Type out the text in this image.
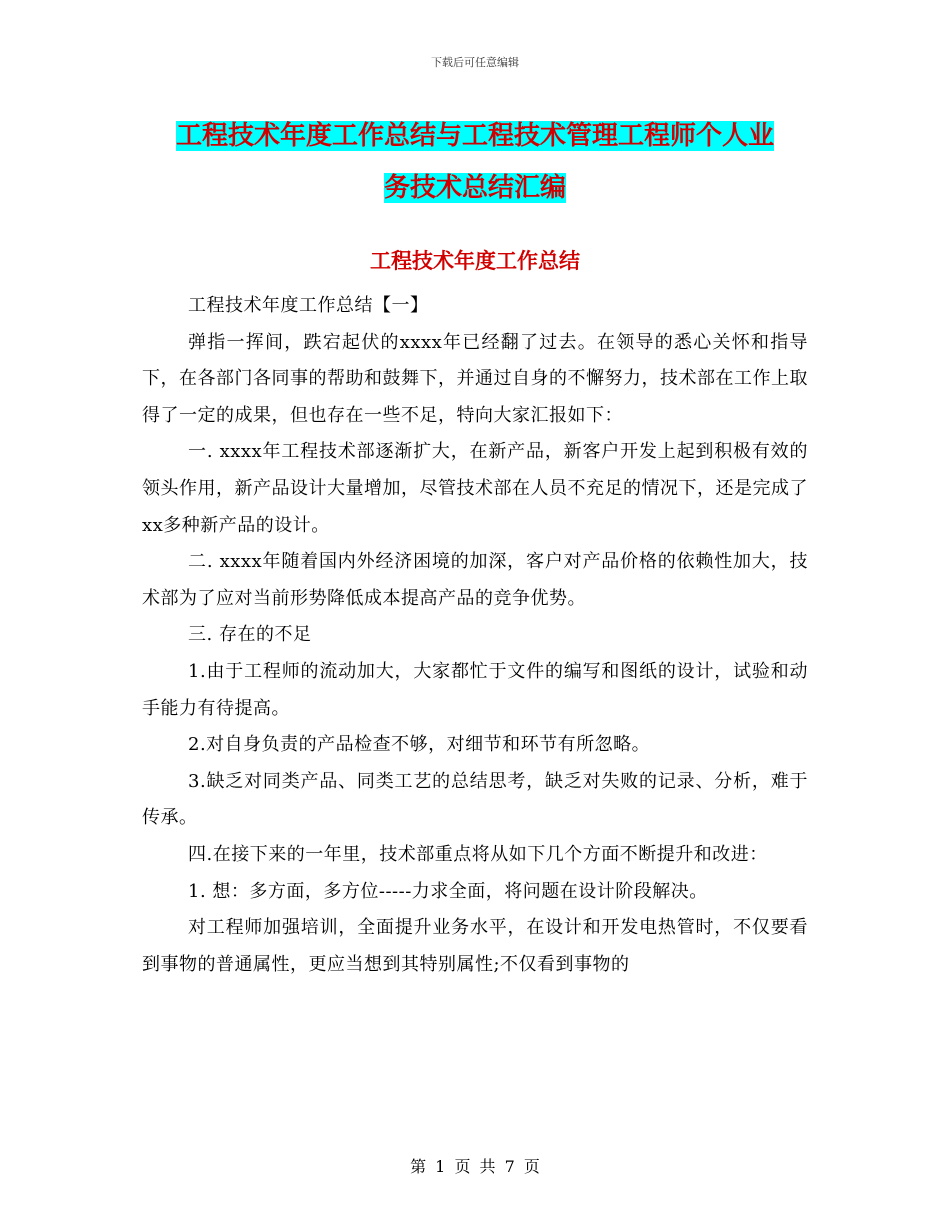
下载后可任意编辑
工程技术年度工作总结与工程技术管理工程师个人业
务技术总结汇编
工程技术年度工作总结

工程技术年度工作总结【一】

弹指一挥间，跌宕起伏的xxxx年已经翻了过去。在领导的悉心关怀和指导下，在各部门各同事的帮助和鼓舞下，并通过自身的不懈努力，技术部在工作上取得了一定的成果，但也存在一些不足，特向大家汇报如下：

一. xxxx年工程技术部逐渐扩大，在新产品，新客户开发上起到积极有效的领头作用，新产品设计大量增加，尽管技术部在人员不充足的情况下，还是完成了xx多种新产品的设计。

二. xxxx年随着国内外经济困境的加深，客户对产品价格的依赖性加大，技术部为了应对当前形势降低成本提高产品的竞争优势。

三. 存在的不足

1.由于工程师的流动加大，大家都忙于文件的编写和图纸的设计，试验和动手能力有待提高。

2.对自身负责的产品检查不够，对细节和环节有所忽略。

3.缺乏对同类产品、同类工艺的总结思考，缺乏对失败的记录、分析，难于传承。

四.在接下来的一年里，技术部重点将从如下几个方面不断提升和改进：

1. 想：多方面，多方位-----力求全面，将问题在设计阶段解决。

对工程师加强培训，全面提升业务水平，在设计和开发电热管时，不仅要看到事物的普通属性，更应当想到其特别属性;不仅看到事物的

第 1 页 共 7 页
